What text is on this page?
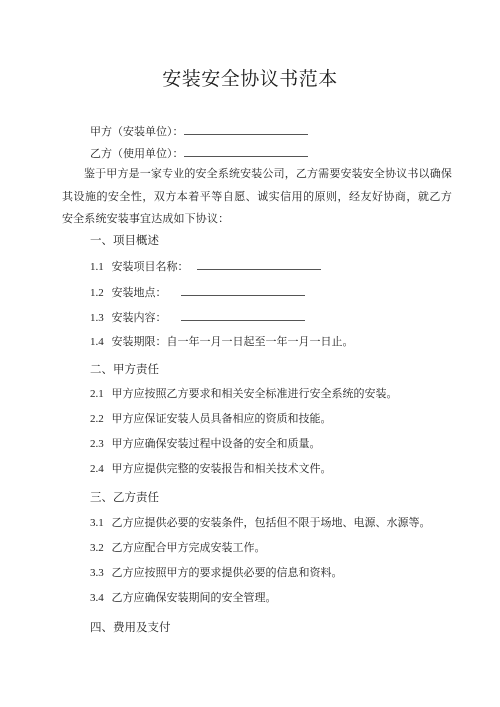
安装安全协议书范本
甲方（安装单位）：
乙方（使用单位）：
鉴于甲方是一家专业的安全系统安装公司，乙方需要安装安全协议书以确保其设施的安全性，双方本着平等自愿、诚实信用的原则，经友好协商，就乙方安全系统安装事宜达成如下协议：
一、项目概述
1.1 安装项目名称：
1.2 安装地点：
1.3 安装内容：
1.4 安装期限：自一年一月一日起至一年一月一日止。
二、甲方责任
2.1 甲方应按照乙方要求和相关安全标准进行安全系统的安装。
2.2 甲方应保证安装人员具备相应的资质和技能。
2.3 甲方应确保安装过程中设备的安全和质量。
2.4 甲方应提供完整的安装报告和相关技术文件。
三、乙方责任
3.1 乙方应提供必要的安装条件，包括但不限于场地、电源、水源等。
3.2 乙方应配合甲方完成安装工作。
3.3 乙方应按照甲方的要求提供必要的信息和资料。
3.4 乙方应确保安装期间的安全管理。
四、费用及支付
